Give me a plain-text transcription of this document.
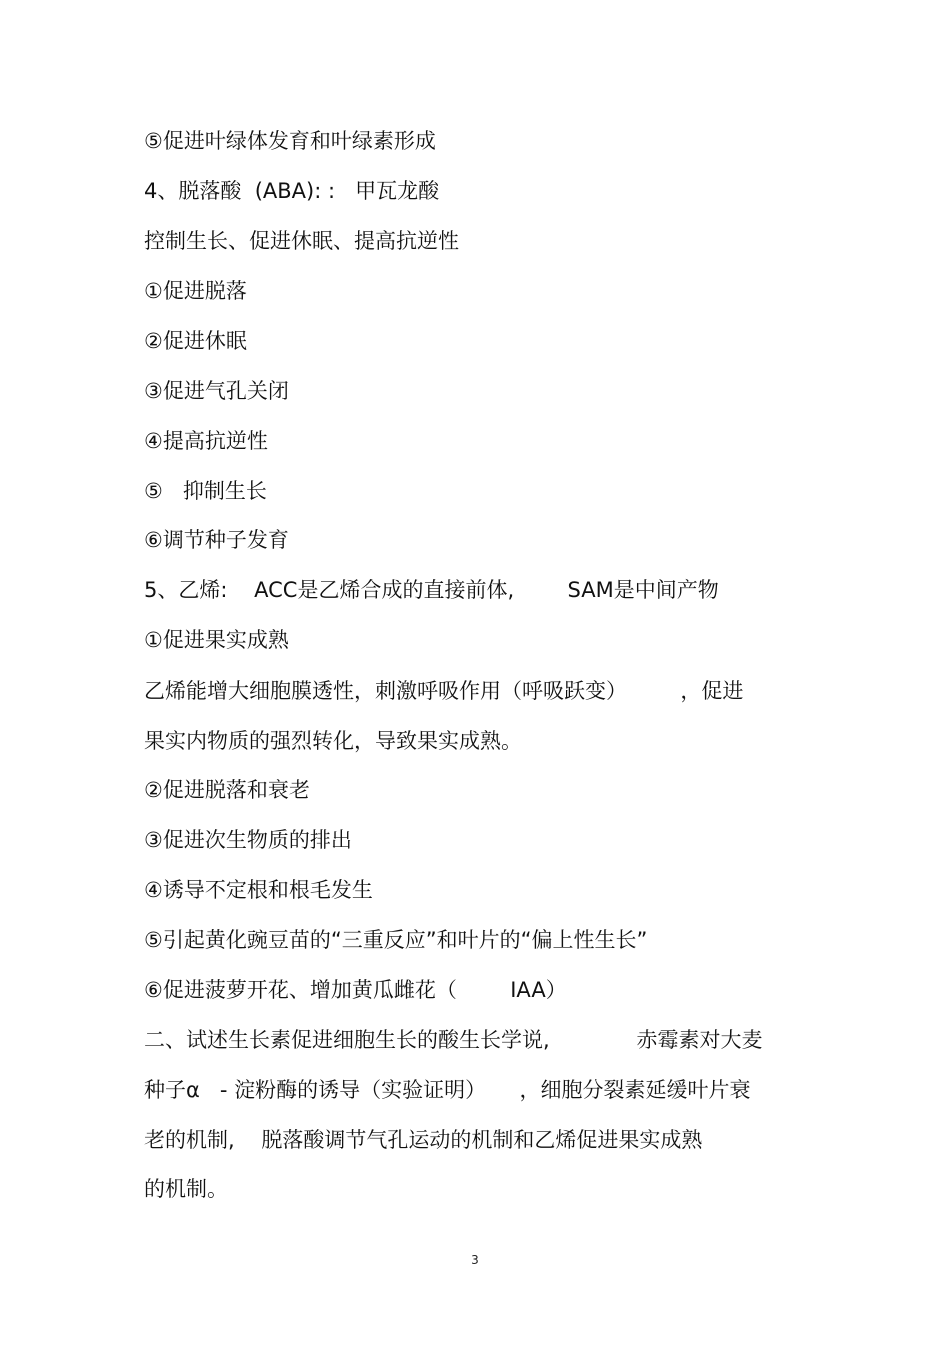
⑤促进叶绿体发育和叶绿素形成
4、脱落酸  (ABA): :   甲瓦龙酸
控制生长、促进休眠、提高抗逆性
①促进脱落
②促进休眠
③促进气孔关闭
④提高抗逆性
⑤   抑制生长
⑥调节种子发育
5、乙烯:    ACC是乙烯合成的直接前体,        SAM是中间产物
①促进果实成熟
乙烯能增大细胞膜透性，刺激呼吸作用（呼吸跃变）        ，促进
果实内物质的强烈转化，导致果实成熟。
②促进脱落和衰老
③促进次生物质的排出
④诱导不定根和根毛发生
⑤引起黄化豌豆苗的“三重反应”和叶片的“偏上性生长”
⑥促进菠萝开花、增加黄瓜雌花（        IAA）
二、试述生长素促进细胞生长的酸生长学说,             赤霉素对大麦
种子α   - 淀粉酶的诱导（实验证明）     ，细胞分裂素延缓叶片衰
老的机制,    脱落酸调节气孔运动的机制和乙烯促进果实成熟
的机制。
3
